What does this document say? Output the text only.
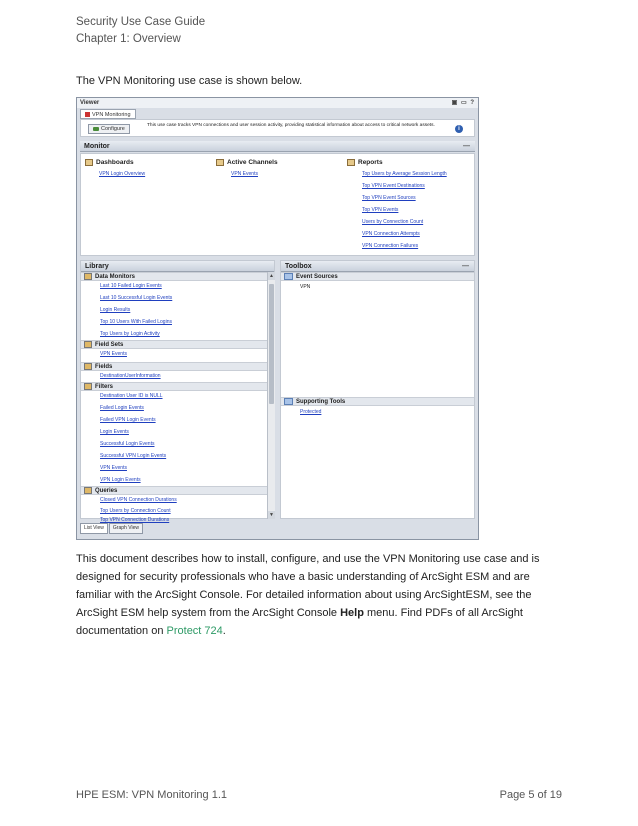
Security Use Case Guide
Chapter 1: Overview
The VPN Monitoring use case is shown below.
Viewer	▣ ▭ ?
VPN Monitoring
Configure
This use case tracks VPN connections and user session activity, providing statistical information about access to critical network assets.
i
Monitor	—
Dashboards
VPN Login Overview
Active Channels
VPN Events
Reports
Top Users by Average Session Length
Top VPN Event Destinations
Top VPN Event Sources
Top VPN Events
Users by Connection Count
VPN Connection Attempts
VPN Connection Failures
Library
Data Monitors
Last 10 Failed Login Events
Last 10 Successful Login Events
Login Results
Top 10 Users With Failed Logins
Top Users by Login Activity
Field Sets
VPN Events
Fields
DestinationUserInformation
Filters
Destination User ID is NULL
Failed Login Events
Failed VPN Login Events
Login Events
Successful Login Events
Successful VPN Login Events
VPN Events
VPN Login Events
Queries
Closed VPN Connection Durations
Top Users by Connection Count
Top VPN Connection Durations
▲
▼
Toolbox	—
Event Sources
VPN
Supporting Tools
Protected
List View Graph View
This document describes how to install, configure, and use the VPN Monitoring use case and is designed for security professionals who have a basic understanding of ArcSight ESM and are familiar with the ArcSight Console. For detailed information about using ArcSightESM, see the ArcSight ESM help system from the ArcSight Console Help menu. Find PDFs of all ArcSight documentation on Protect 724.
HPE ESM: VPN Monitoring 1.1	Page 5 of 19
